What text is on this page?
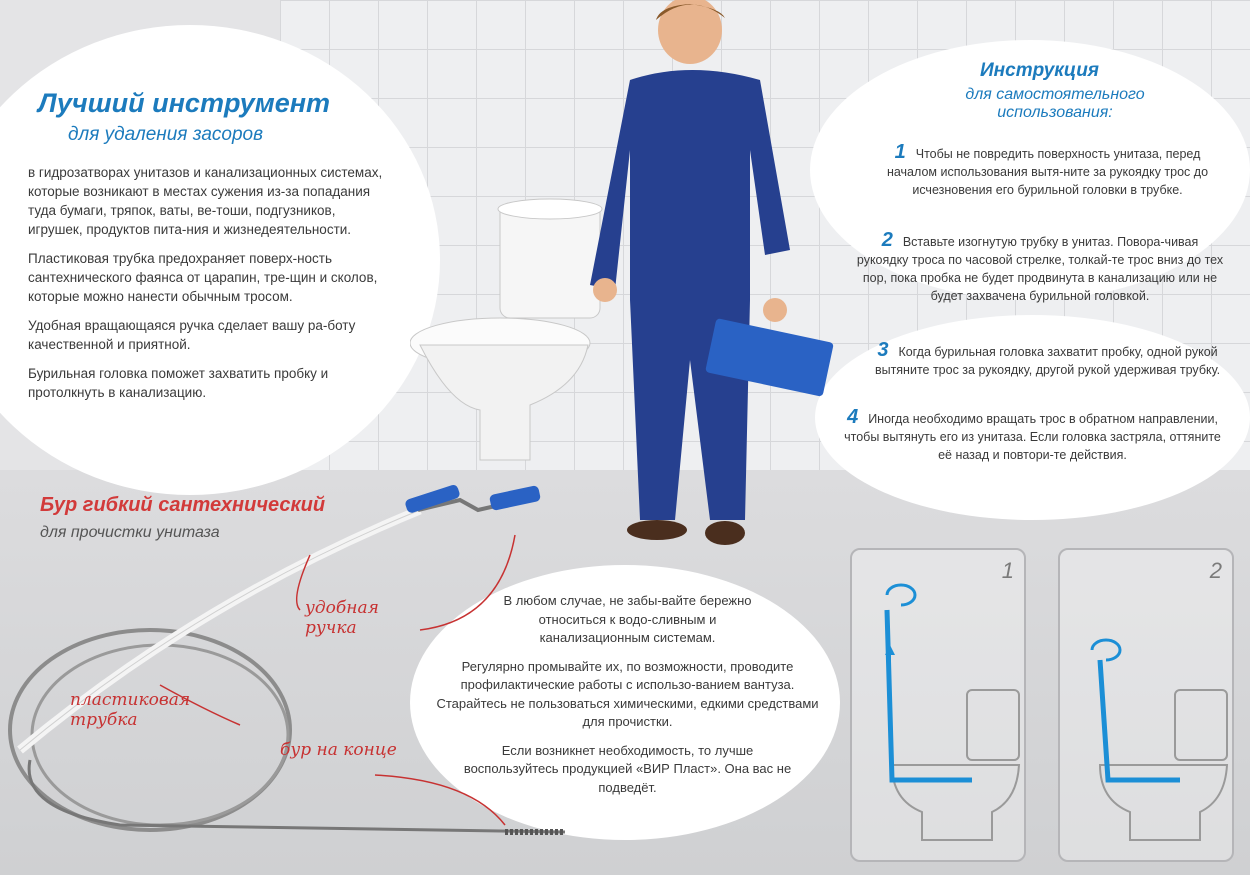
Лучший инструмент
для удаления засоров

в гидрозатворах унитазов и канализационных системах, которые возникают в местах сужения из-за попадания туда бумаги, тряпок, ваты, ве-тоши, подгузников, игрушек, продуктов пита-ния и жизнедеятельности.

Пластиковая трубка предохраняет поверх-ность сантехнического фаянса от царапин, тре-щин и сколов, которые можно нанести обычным тросом.

Удобная вращающаяся ручка сделает вашу ра-боту качественной и приятной.

Бурильная головка поможет захватить пробку и протолкнуть в канализацию.

Бур гибкий сантехнический
для прочистки унитаза
удобная ручка
пластиковая трубка
бур на конце
Инструкция
для самостоятельного использования:
1 Чтобы не повредить поверхность унитаза, перед началом использования вытя-ните за рукоядку трос до исчезновения его бурильной головки в трубке.
2 Вставьте изогнутую трубку в унитаз. Повора-чивая рукоядку троса по часовой стрелке, толкай-те трос вниз до тех пор, пока пробка не будет продвинута в канализацию или не будет захвачена бурильной головкой.
3 Когда бурильная головка захватит пробку, одной рукой вытяните трос за рукоядку, другой рукой удерживая трубку.
4 Иногда необходимо вращать трос в обратном направлении, чтобы вытянуть его из унитаза. Если головка застряла, оттяните её назад и повтори-те действия.

В любом случае, не забы-вайте бережно относиться к водо-сливным и канализационным системам.

Регулярно промывайте их, по возможности, проводите профилактические работы с использо-ванием вантуза. Старайтесь не пользоваться химическими, едкими средствами для прочистки.

Если возникнет необходимость, то лучше воспользуйтесь продукцией «ВИР Пласт». Она вас не подведёт.

1	2
